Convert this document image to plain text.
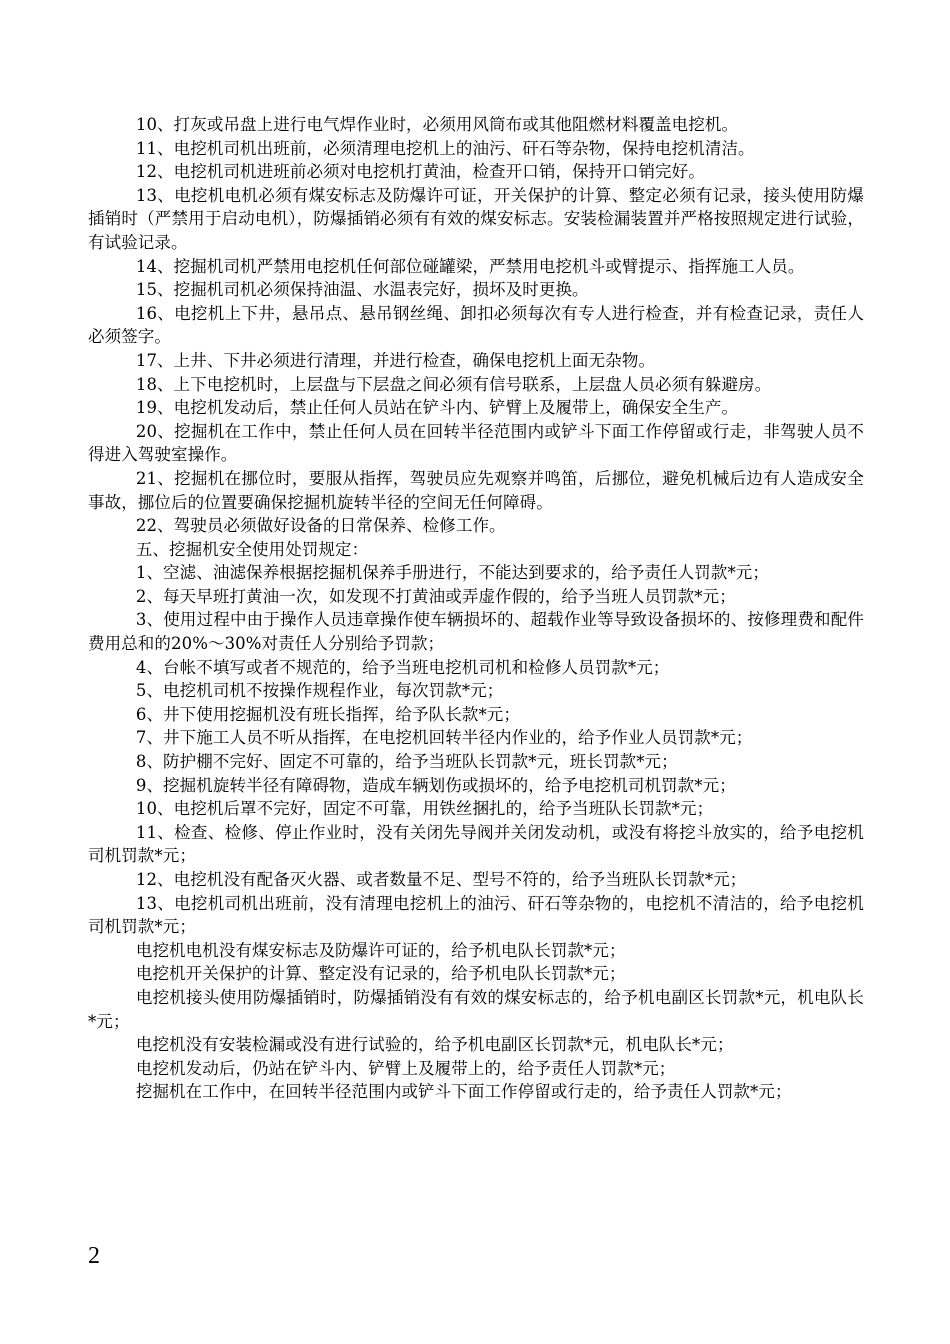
10、打灰或吊盘上进行电气焊作业时，必须用风筒布或其他阻燃材料覆盖电挖机。

11、电挖机司机出班前，必须清理电挖机上的油污、矸石等杂物，保持电挖机清洁。

12、电挖机司机进班前必须对电挖机打黄油，检查开口销，保持开口销完好。

13、电挖机电机必须有煤安标志及防爆许可证，开关保护的计算、整定必须有记录，接头使用防爆插销时（严禁用于启动电机），防爆插销必须有有效的煤安标志。安装检漏装置并严格按照规定进行试验，有试验记录。

14、挖掘机司机严禁用电挖机任何部位碰罐梁，严禁用电挖机斗或臂提示、指挥施工人员。

15、挖掘机司机必须保持油温、水温表完好，损坏及时更换。

16、电挖机上下井，悬吊点、悬吊钢丝绳、卸扣必须每次有专人进行检查，并有检查记录，责任人必须签字。

17、上井、下井必须进行清理，并进行检查，确保电挖机上面无杂物。

18、上下电挖机时，上层盘与下层盘之间必须有信号联系，上层盘人员必须有躲避房。

19、电挖机发动后，禁止任何人员站在铲斗内、铲臂上及履带上，确保安全生产。

20、挖掘机在工作中，禁止任何人员在回转半径范围内或铲斗下面工作停留或行走，非驾驶人员不得进入驾驶室操作。

21、挖掘机在挪位时，要服从指挥，驾驶员应先观察并鸣笛，后挪位，避免机械后边有人造成安全事故，挪位后的位置要确保挖掘机旋转半径的空间无任何障碍。

22、驾驶员必须做好设备的日常保养、检修工作。

五、挖掘机安全使用处罚规定：

1、空滤、油滤保养根据挖掘机保养手册进行，不能达到要求的，给予责任人罚款*元；

2、每天早班打黄油一次，如发现不打黄油或弄虚作假的，给予当班人员罚款*元；

3、使用过程中由于操作人员违章操作使车辆损坏的、超载作业等导致设备损坏的、按修理费和配件费用总和的20%～30%对责任人分别给予罚款；

4、台帐不填写或者不规范的，给予当班电挖机司机和检修人员罚款*元；

5、电挖机司机不按操作规程作业，每次罚款*元；

6、井下使用挖掘机没有班长指挥，给予队长款*元；

7、井下施工人员不听从指挥，在电挖机回转半径内作业的，给予作业人员罚款*元；

8、防护棚不完好、固定不可靠的，给予当班队长罚款*元，班长罚款*元；

9、挖掘机旋转半径有障碍物，造成车辆划伤或损坏的，给予电挖机司机罚款*元；

10、电挖机后罩不完好，固定不可靠，用铁丝捆扎的，给予当班队长罚款*元；

11、检查、检修、停止作业时，没有关闭先导阀并关闭发动机，或没有将挖斗放实的，给予电挖机司机罚款*元；

12、电挖机没有配备灭火器、或者数量不足、型号不符的，给予当班队长罚款*元；

13、电挖机司机出班前，没有清理电挖机上的油污、矸石等杂物的，电挖机不清洁的，给予电挖机司机罚款*元；

电挖机电机没有煤安标志及防爆许可证的，给予机电队长罚款*元；

电挖机开关保护的计算、整定没有记录的，给予机电队长罚款*元；

电挖机接头使用防爆插销时，防爆插销没有有效的煤安标志的，给予机电副区长罚款*元，机电队长*元；

电挖机没有安装检漏或没有进行试验的，给予机电副区长罚款*元，机电队长*元；

电挖机发动后，仍站在铲斗内、铲臂上及履带上的，给予责任人罚款*元；

挖掘机在工作中，在回转半径范围内或铲斗下面工作停留或行走的，给予责任人罚款*元；

2
